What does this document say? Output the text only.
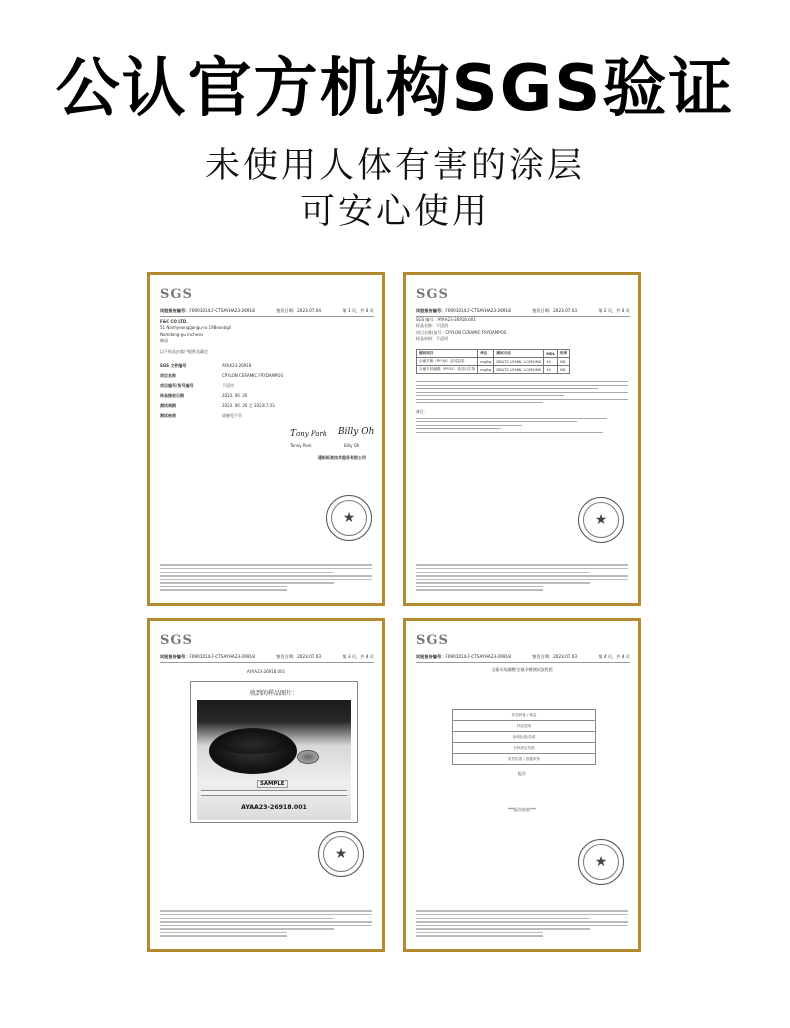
公认官方机构SGS验证
未使用人体有害的涂层
可安心使用
SGS
试验报告编号：F090101/LF-CTSAYHA23-26918	签发日期：2023.07.04	第 1 页，共 4 页
F&C CO LTD.
51 Nonhyeonggongu-ro 19Beonbgil
Namdong-gu Incheon
韩国
以下样品由客户提供及确定
SGS 文件编号	AYAA23-26918
项目名称	CPYLON CERAMIC FRYDAMPOS
项目编号/货号编号	不适用
样品接收日期	2023. 06. 26
测试周期	2023. 06. 26 至 2023(7.03
测试结果	请参见下页
Ƭony Park Billy Oh
Tonny Park	Billy Oh
通标标准技术服务有限公司
★
SGS
试验报告编号：F090101/LF-CTSAYHA23-26918	签发日期：2023.07.03	第 2 页，共 4 页
SGS 编号：AYAA23-26918.001
样品名称：不适用
项目名称/货号：CPYLON CERAMIC FRYDAMPOS
样品材料：不适用
测试项目	单位	测试方法	MDL	结果
全氟辛酸（PFOA）及其盐类	mg/kg	DIN/TS 15968, LC/MS/MS	10	ND
全氟辛烷磺酸（PFOS）及其衍生物	mg/kg	DIN/TS 15968, LC/MS/MS	10	ND
备注：
★
SGS
试验报告编号：F090101/LF-CTSAYHA23-26918	签发日期：2023.07.03	第 3 页，共 4 页
AYAA23-26918.001
收到的样品图片：
SAMPLE
AYAA23-26918.001
★
SGS
试验报告编号：F090101/LF-CTSAYHA23-26918	签发日期：2023.07.03	第 4 页，共 4 页
全氟辛烷磺酸/全氟辛酸测试流程图
样品制备 / 称量
样品提取
液相色谱/质谱
分析测定结果
质控结果 / 数据审核
报告
***报告结束***
★
